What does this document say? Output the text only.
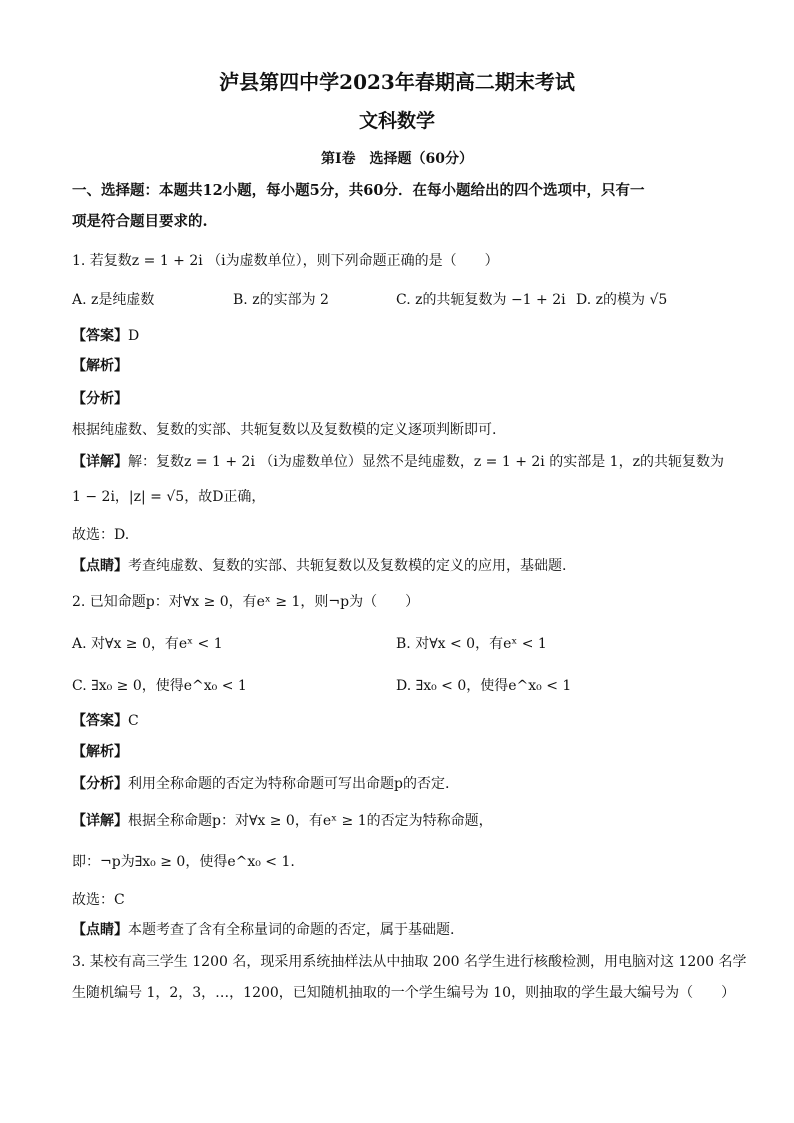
泸县第四中学2023年春期高二期末考试
文科数学
第I卷　选择题（60分）
一、选择题：本题共12小题，每小题5分，共60分．在每小题给出的四个选项中，只有一
项是符合题目要求的.
1. 若复数z = 1 + 2i （i为虚数单位），则下列命题正确的是（　　）
A. z是纯虚数	B. z的实部为 2	C. z的共轭复数为 −1 + 2i D. z的模为 √5
【答案】D
【解析】
【分析】
根据纯虚数、复数的实部、共轭复数以及复数模的定义逐项判断即可.
【详解】解：复数z = 1 + 2i （i为虚数单位）显然不是纯虚数，z = 1 + 2i 的实部是 1，z的共轭复数为
1 − 2i，|z| = √5，故D正确，
故选：D.
【点睛】考查纯虚数、复数的实部、共轭复数以及复数模的定义的应用，基础题.
2. 已知命题p：对∀x ≥ 0，有eˣ ≥ 1，则¬p为（　　）
A. 对∀x ≥ 0，有eˣ < 1	B. 对∀x < 0，有eˣ < 1
C. ∃x₀ ≥ 0，使得e^x₀ < 1	D. ∃x₀ < 0，使得e^x₀ < 1
【答案】C
【解析】
【分析】利用全称命题的否定为特称命题可写出命题p的否定.
【详解】根据全称命题p：对∀x ≥ 0，有eˣ ≥ 1的否定为特称命题，
即：¬p为∃x₀ ≥ 0，使得e^x₀ < 1.
故选：C
【点睛】本题考查了含有全称量词的命题的否定，属于基础题.
3. 某校有高三学生 1200 名，现采用系统抽样法从中抽取 200 名学生进行核酸检测，用电脑对这 1200 名学
生随机编号 1，2，3，…，1200，已知随机抽取的一个学生编号为 10，则抽取的学生最大编号为（　　）
